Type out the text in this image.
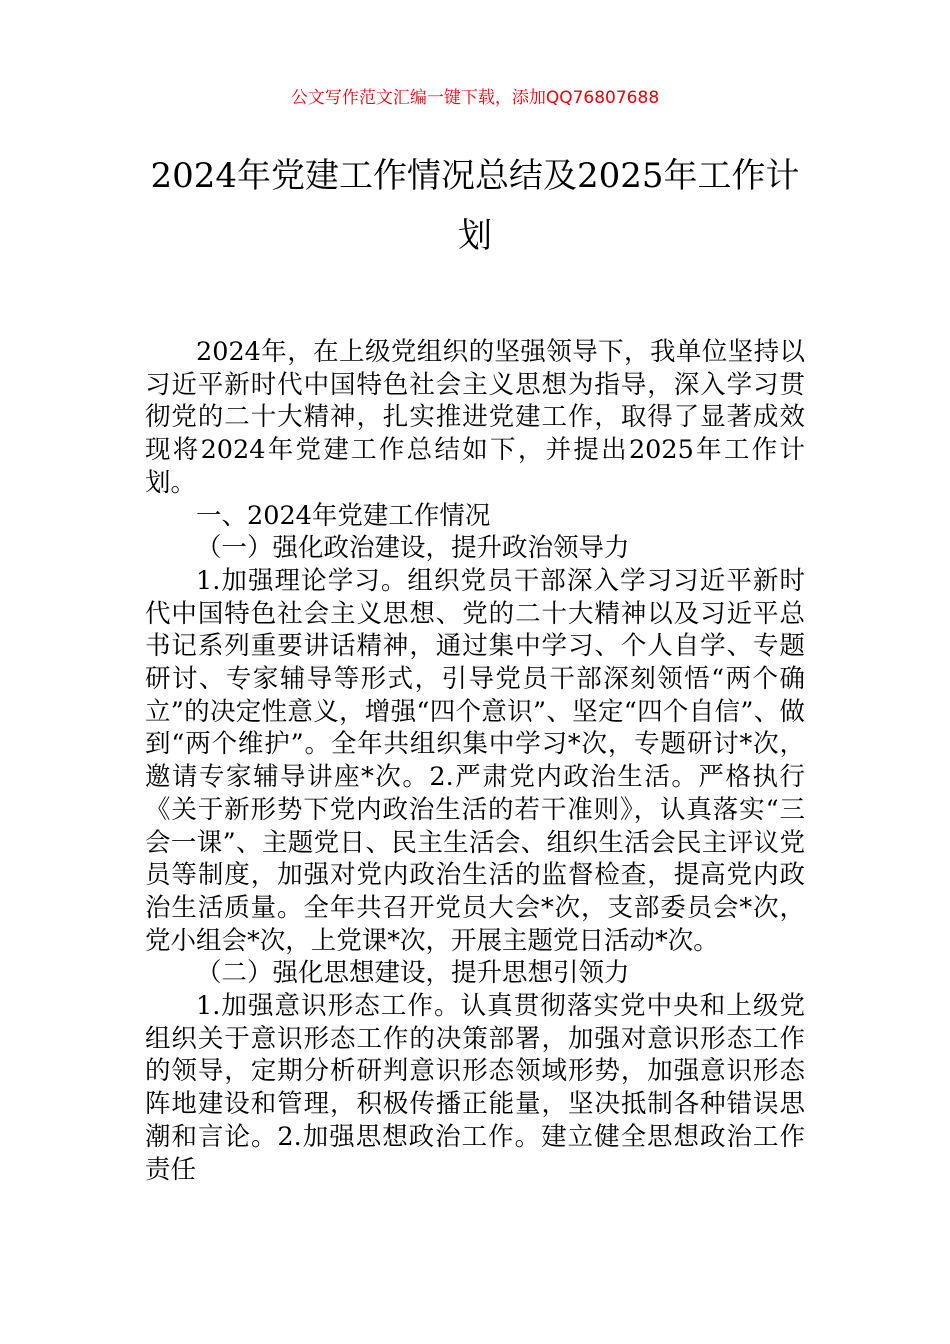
公文写作范文汇编一键下载，添加QQ76807688
2024年党建工作情况总结及2025年工作计划

2024年，在上级党组织的坚强领导下，我单位坚持以习近平新时代中国特色社会主义思想为指导，深入学习贯彻党的二十大精神，扎实推进党建工作，取得了显著成效现将2024年党建工作总结如下，并提出2025年工作计划。

一、2024年党建工作情况

（一）强化政治建设，提升政治领导力

1.加强理论学习。组织党员干部深入学习习近平新时代中国特色社会主义思想、党的二十大精神以及习近平总书记系列重要讲话精神，通过集中学习、个人自学、专题研讨、专家辅导等形式，引导党员干部深刻领悟“两个确立”的决定性意义，增强“四个意识”、坚定“四个自信”、做到“两个维护”。全年共组织集中学习*次，专题研讨*次，邀请专家辅导讲座*次。2.严肃党内政治生活。严格执行《关于新形势下党内政治生活的若干准则》，认真落实“三会一课”、主题党日、民主生活会、组织生活会民主评议党员等制度，加强对党内政治生活的监督检查，提高党内政治生活质量。全年共召开党员大会*次，支部委员会*次，党小组会*次，上党课*次，开展主题党日活动*次。

（二）强化思想建设，提升思想引领力

1.加强意识形态工作。认真贯彻落实党中央和上级党组织关于意识形态工作的决策部署，加强对意识形态工作的领导，定期分析研判意识形态领域形势，加强意识形态阵地建设和管理，积极传播正能量，坚决抵制各种错误思潮和言论。2.加强思想政治工作。建立健全思想政治工作责任
